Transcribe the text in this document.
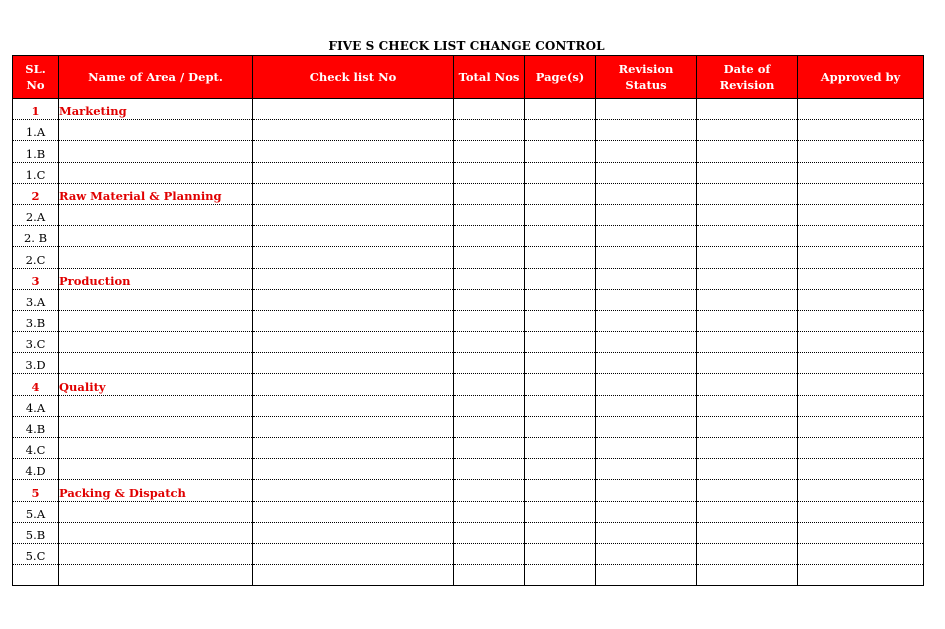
FIVE S CHECK LIST CHANGE CONTROL
SL. No	Name of Area / Dept.	Check list No	Total Nos	Page(s)	Revision Status	Date of Revision	Approved by
1	Marketing						
1.A							
1.B							
1.C							
2	Raw Material & Planning						
2.A							
2. B							
2.C							
3	Production						
3.A							
3.B							
3.C							
3.D							
4	Quality						
4.A							
4.B							
4.C							
4.D							
5	Packing & Dispatch						
5.A							
5.B							
5.C							
